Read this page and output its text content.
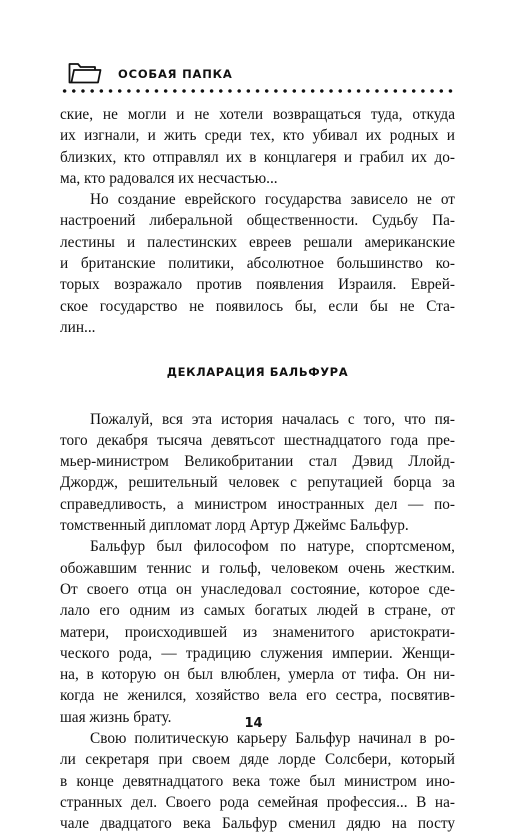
ОСОБАЯ ПАПКА
ские, не могли и не хотели возвращаться туда, откуда
их изгнали, и жить среди тех, кто убивал их родных и
близких, кто отправлял их в концлагеря и грабил их до-
ма, кто радовался их несчастью...
Но создание еврейского государства зависело не от
настроений либеральной общественности. Судьбу Па-
лестины и палестинских евреев решали американские
и британские политики, абсолютное большинство ко-
торых возражало против появления Израиля. Еврей-
ское государство не появилось бы, если бы не Ста-
лин...
ДЕКЛАРАЦИЯ БАЛЬФУРА
Пожалуй, вся эта история началась с того, что пя-
того декабря тысяча девятьсот шестнадцатого года пре-
мьер-министром Великобритании стал Дэвид Ллойд-
Джордж, решительный человек с репутацией борца за
справедливость, а министром иностранных дел — по-
томственный дипломат лорд Артур Джеймс Бальфур.
Бальфур был философом по натуре, спортсменом,
обожавшим теннис и гольф, человеком очень жестким.
От своего отца он унаследовал состояние, которое сде-
лало его одним из самых богатых людей в стране, от
матери, происходившей из знаменитого аристократи-
ческого рода, — традицию служения империи. Женщи-
на, в которую он был влюблен, умерла от тифа. Он ни-
когда не женился, хозяйство вела его сестра, посвятив-
шая жизнь брату.
Свою политическую карьеру Бальфур начинал в ро-
ли секретаря при своем дяде лорде Солсбери, который
в конце девятнадцатого века тоже был министром ино-
странных дел. Своего рода семейная профессия... В на-
чале двадцатого века Бальфур сменил дядю на посту
14
